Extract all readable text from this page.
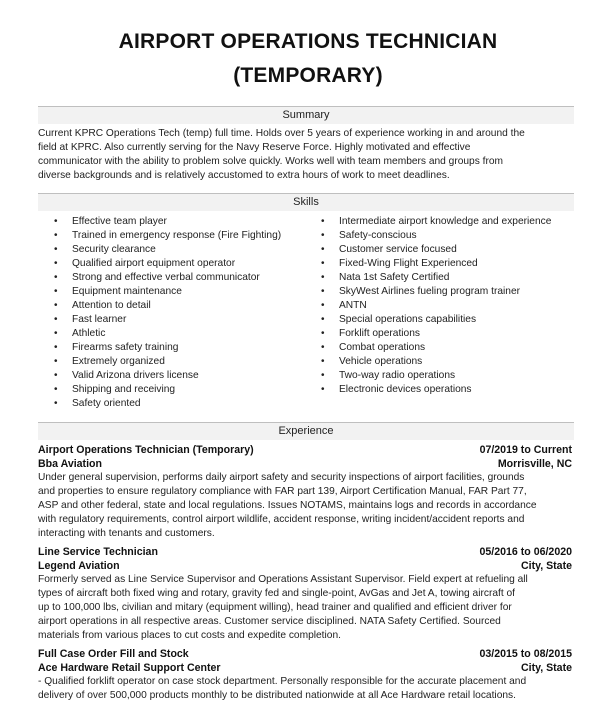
AIRPORT OPERATIONS TECHNICIAN
(TEMPORARY)
Summary
Current KPRC Operations Tech (temp) full time. Holds over 5 years of experience working in and around the
field at KPRC. Also currently serving for the Navy Reserve Force. Highly motivated and effective
communicator with the ability to problem solve quickly. Works well with team members and groups from
diverse backgrounds and is relatively accustomed to extra hours of work to meet deadlines.
Skills
• Effective team player
• Trained in emergency response (Fire Fighting)
• Security clearance
• Qualified airport equipment operator
• Strong and effective verbal communicator
• Equipment maintenance
• Attention to detail
• Fast learner
• Athletic
• Firearms safety training
• Extremely organized
• Valid Arizona drivers license
• Shipping and receiving
• Safety oriented
• Intermediate airport knowledge and experience
• Safety-conscious
• Customer service focused
• Fixed-Wing Flight Experienced
• Nata 1st Safety Certified
• SkyWest Airlines fueling program trainer
• ANTN
• Special operations capabilities
• Forklift operations
• Combat operations
• Vehicle operations
• Two-way radio operations
• Electronic devices operations
Experience
Airport Operations Technician (Temporary)	07/2019 to Current
Bba Aviation	Morrisville, NC
Under general supervision, performs daily airport safety and security inspections of airport facilities, grounds
and properties to ensure regulatory compliance with FAR part 139, Airport Certification Manual, FAR Part 77,
ASP and other federal, state and local regulations. Issues NOTAMS, maintains logs and records in accordance
with regulatory requirements, control airport wildlife, accident response, writing incident/accident reports and
interacting with tenants and customers.
Line Service Technician	05/2016 to 06/2020
Legend Aviation	City, State
Formerly served as Line Service Supervisor and Operations Assistant Supervisor. Field expert at refueling all
types of aircraft both fixed wing and rotary, gravity fed and single-point, AvGas and Jet A, towing aircraft of
up to 100,000 lbs, civilian and mitary (equipment willing), head trainer and qualified and efficient driver for
airport operations in all respective areas. Customer service disciplined. NATA Safety Certified. Sourced
materials from various places to cut costs and expedite completion.
Full Case Order Fill and Stock	03/2015 to 08/2015
Ace Hardware Retail Support Center	City, State
- Qualified forklift operator on case stock department. Personally responsible for the accurate placement and
delivery of over 500,000 products monthly to be distributed nationwide at all Ace Hardware retail locations.
